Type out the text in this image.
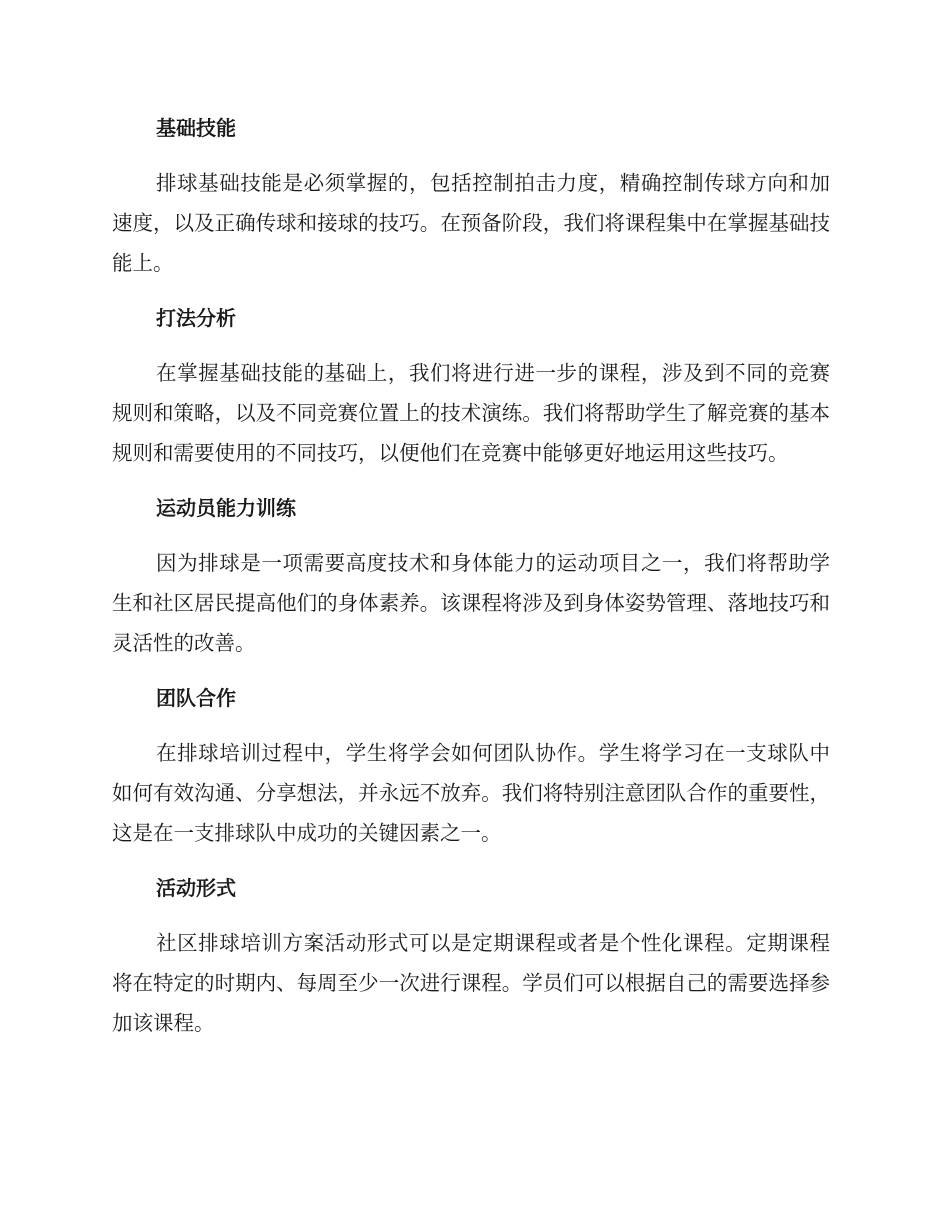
基础技能

排球基础技能是必须掌握的，包括控制拍击力度，精确控制传球方向和加速度，以及正确传球和接球的技巧。在预备阶段，我们将课程集中在掌握基础技能上。

打法分析

在掌握基础技能的基础上，我们将进行进一步的课程，涉及到不同的竞赛规则和策略，以及不同竞赛位置上的技术演练。我们将帮助学生了解竞赛的基本规则和需要使用的不同技巧，以便他们在竞赛中能够更好地运用这些技巧。

运动员能力训练

因为排球是一项需要高度技术和身体能力的运动项目之一，我们将帮助学生和社区居民提高他们的身体素养。该课程将涉及到身体姿势管理、落地技巧和灵活性的改善。

团队合作

在排球培训过程中，学生将学会如何团队协作。学生将学习在一支球队中如何有效沟通、分享想法，并永远不放弃。我们将特别注意团队合作的重要性，这是在一支排球队中成功的关键因素之一。

活动形式

社区排球培训方案活动形式可以是定期课程或者是个性化课程。定期课程将在特定的时期内、每周至少一次进行课程。学员们可以根据自己的需要选择参加该课程。
